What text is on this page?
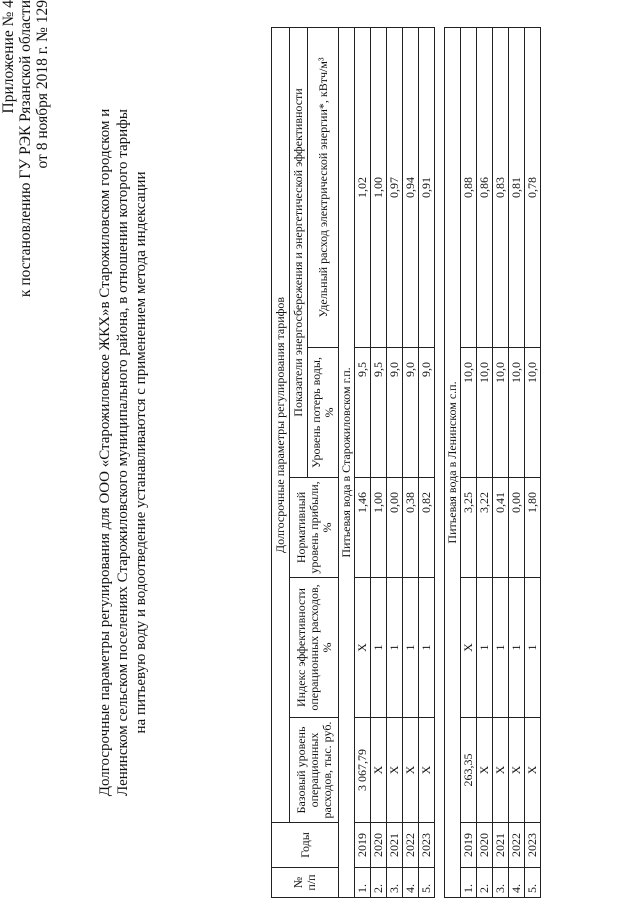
Приложение № 4 к постановлению ГУ РЭК Рязанской области от 8 ноября 2018 г. № 129
Долгосрочные параметры регулирования для ООО «Старожиловское ЖКХ»в Старожиловском городском и Ленинском сельском поселениях Старожиловского муниципального района, в отношении которого тарифы на питьевую воду и водоотведение устанавливаются с применением метода индексации
№ п/п	Годы	Долгосрочные параметры регулирования тарифов				
		Базовый уровень операционных расходов, тыс. руб.	Индекс эффективности операционных расходов, %	Нормативный уровень прибыли, %	Показатели энергосбережения и энергетической эффективности	
					Уровень потерь воды, %	Удельный расход электрической энергии*, кВтч/м³
Питьевая вода в Старожиловском г.п.						
1.	2019	3 067,79	X	1,46	9,5	1,02
2.	2020	X	1	1,00	9,5	1,00
3.	2021	X	1	0,00	9,0	0,97
4.	2022	X	1	0,38	9,0	0,94
5.	2023	X	1	0,82	9,0	0,91

Питьевая вода в Ленинском с.п.						
1.	2019	263,35	X	3,25	10,0	0,88
2.	2020	X	1	3,22	10,0	0,86
3.	2021	X	1	0,41	10,0	0,83
4.	2022	X	1	0,00	10,0	0,81
5.	2023	X	1	1,80	10,0	0,78
